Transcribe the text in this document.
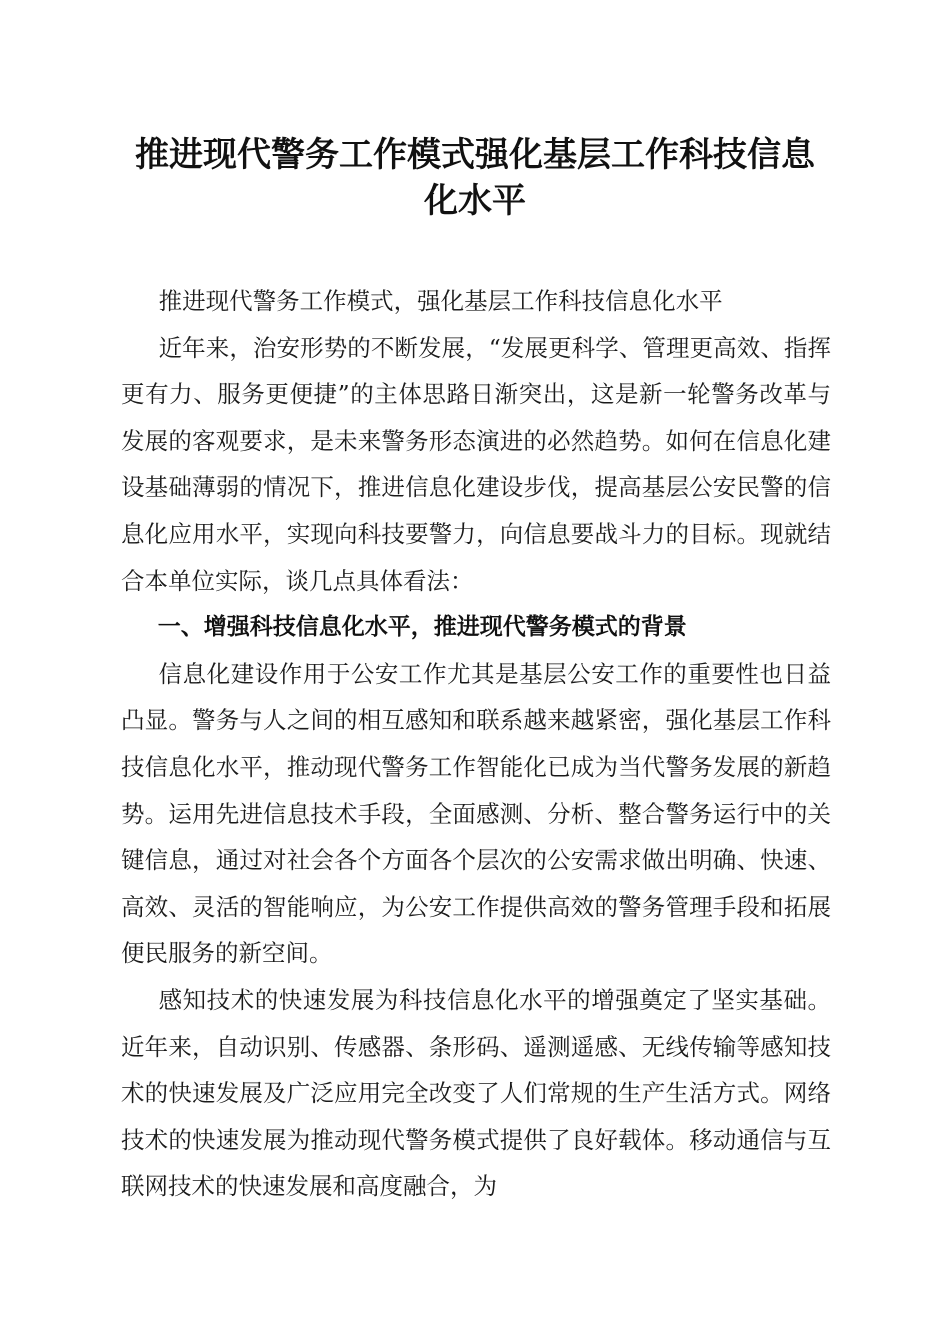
推进现代警务工作模式强化基层工作科技信息
化水平

推进现代警务工作模式，强化基层工作科技信息化水平

近年来，治安形势的不断发展，“发展更科学、管理更高效、指挥更有力、服务更便捷”的主体思路日渐突出，这是新一轮警务改革与发展的客观要求，是未来警务形态演进的必然趋势。如何在信息化建设基础薄弱的情况下，推进信息化建设步伐，提高基层公安民警的信息化应用水平，实现向科技要警力，向信息要战斗力的目标。现就结合本单位实际，谈几点具体看法：

一、增强科技信息化水平，推进现代警务模式的背景

信息化建设作用于公安工作尤其是基层公安工作的重要性也日益凸显。警务与人之间的相互感知和联系越来越紧密，强化基层工作科技信息化水平，推动现代警务工作智能化已成为当代警务发展的新趋势。运用先进信息技术手段，全面感测、分析、整合警务运行中的关键信息，通过对社会各个方面各个层次的公安需求做出明确、快速、高效、灵活的智能响应，为公安工作提供高效的警务管理手段和拓展便民服务的新空间。

感知技术的快速发展为科技信息化水平的增强奠定了坚实基础。近年来，自动识别、传感器、条形码、遥测遥感、无线传输等感知技术的快速发展及广泛应用完全改变了人们常规的生产生活方式。网络技术的快速发展为推动现代警务模式提供了良好载体。移动通信与互联网技术的快速发展和高度融合，为
